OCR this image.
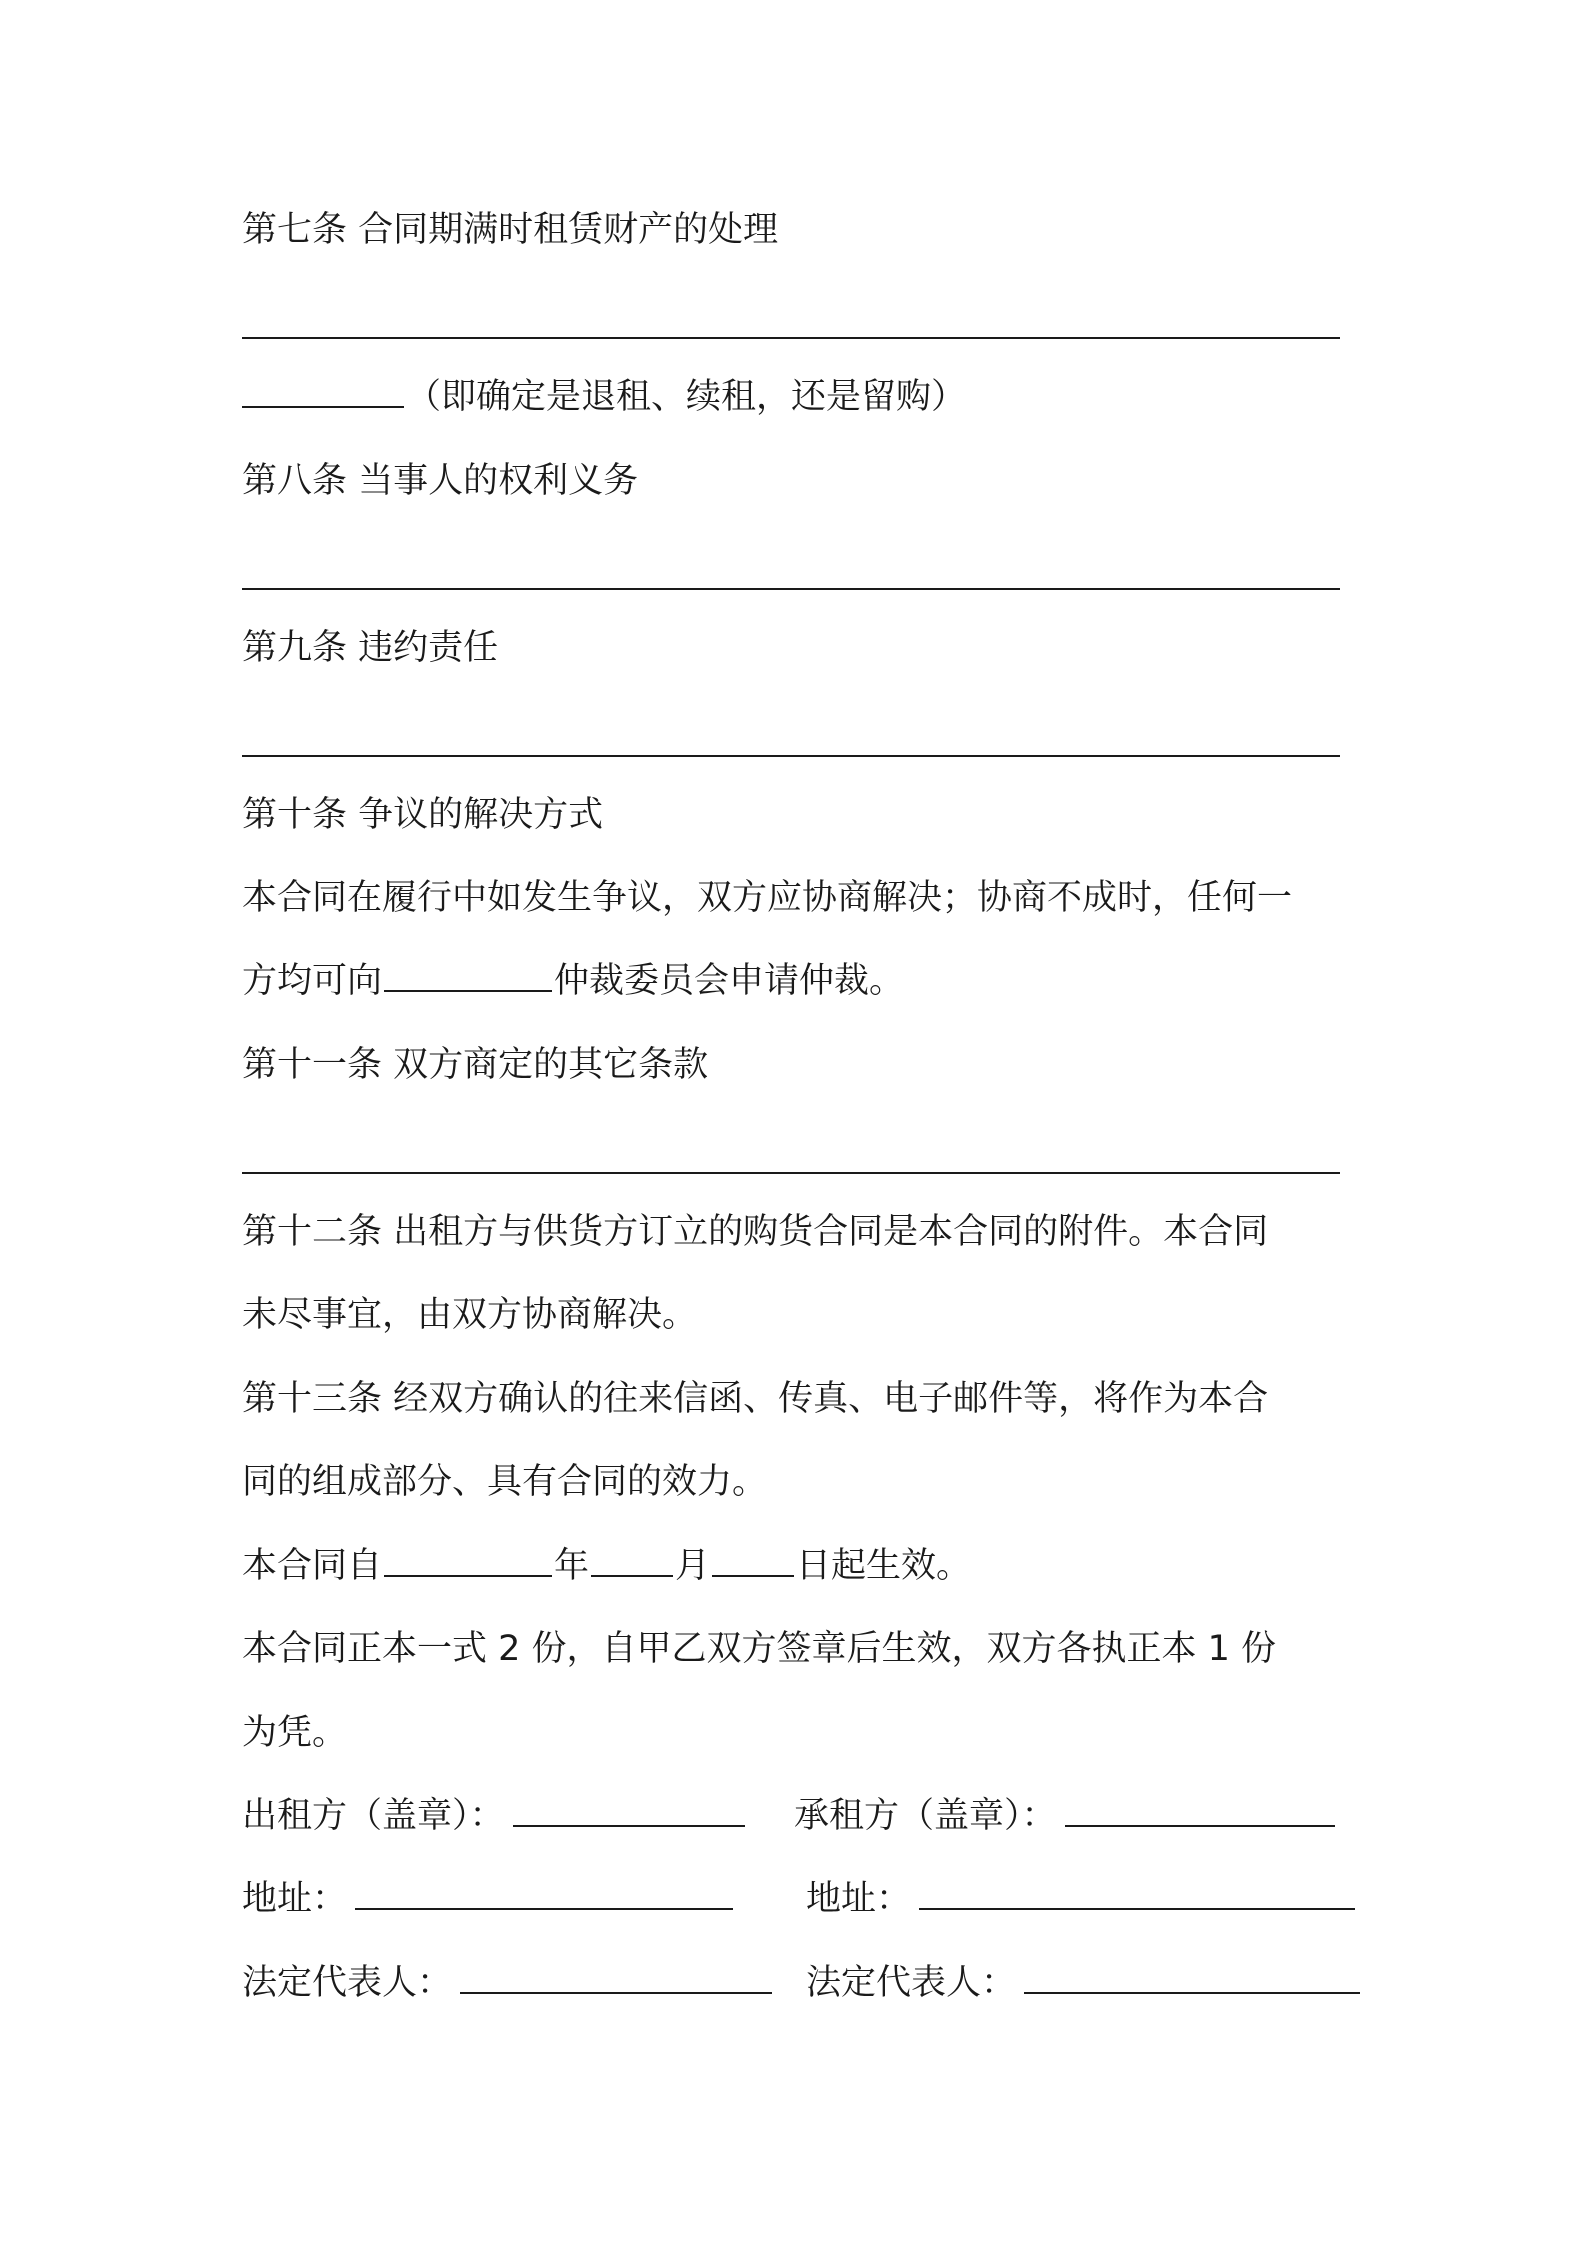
第七条 合同期满时租赁财产的处理
（即确定是退租、续租，还是留购）
第八条 当事人的权利义务
第九条 违约责任
第十条 争议的解决方式
本合同在履行中如发生争议，双方应协商解决；协商不成时，任何一
方均可向	仲裁委员会申请仲裁。
第十一条 双方商定的其它条款
第十二条 出租方与供货方订立的购货合同是本合同的附件。本合同
未尽事宜，由双方协商解决。
第十三条 经双方确认的往来信函、传真、电子邮件等，将作为本合
同的组成部分、具有合同的效力。
本合同自	年 月 日起生效。
本合同正本一式 2 份，自甲乙双方签章后生效，双方各执正本 1 份
为凭。
出租方（盖章）：	承租方（盖章）：
地址：	地址：
法定代表人：	法定代表人：
